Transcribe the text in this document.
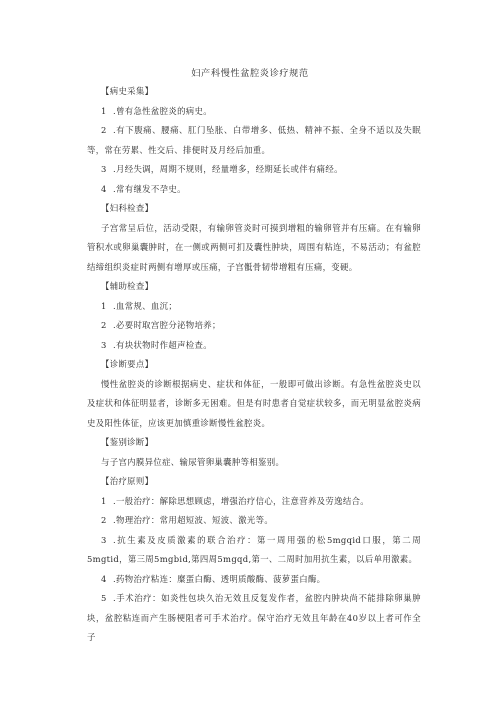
妇产科慢性盆腔炎诊疗规范
【病史采集】
1 .曾有急性盆腔炎的病史。
2 .有下腹痛、腰痛、肛门坠胀、白带增多、低热、精神不振、全身不适以及失眠等，常在劳累、性交后、排便时及月经后加重。
3 .月经失调，周期不规则，经量增多，经期延长或伴有痛经。
4 .常有继发不孕史。
【妇科检查】
子宫常呈后位，活动受限，有输卵管炎时可摸到增粗的输卵管并有压痛。在有输卵管积水或卵巢囊肿时，在一侧或两侧可扪及囊性肿块，周围有粘连，不易活动；有盆腔结缔组织炎症时两侧有增厚或压痛，子宫骶骨韧带增粗有压痛，变硬。
【辅助检查】
1 .血常规、血沉；
2 .必要时取宫腔分泌物培养；
3 .有块状物时作超声检查。
【诊断要点】
慢性盆腔炎的诊断根据病史、症状和体征，一般即可做出诊断。有急性盆腔炎史以及症状和体征明显者，诊断多无困难。但是有时患者自觉症状较多，而无明显盆腔炎病史及阳性体征，应该更加慎重诊断慢性盆腔炎。
【鉴别诊断】
与子宫内膜异位症、输尿管卵巢囊肿等相鉴别。
【治疗原则】
1 .一般治疗：解除思想顾虑，增强治疗信心，注意营养及劳逸结合。
2 .物理治疗：常用超短波、短波、激光等。
3 .抗生素及皮质激素的联合治疗：第一周用强的松5mgqid口服，第二周5mgtid，第三周5mgbid,第四周5mgqd,第一、二周时加用抗生素，以后单用激素。
4 .药物治疗粘连：糜蛋白酶、透明质酸酶、菠萝蛋白酶。
5 .手术治疗：如炎性包块久治无效且反复发作者，盆腔内肿块尚不能排除卵巢肿块，盆腔粘连而产生肠梗阻者可手术治疗。保守治疗无效且年龄在40岁以上者可作全子
